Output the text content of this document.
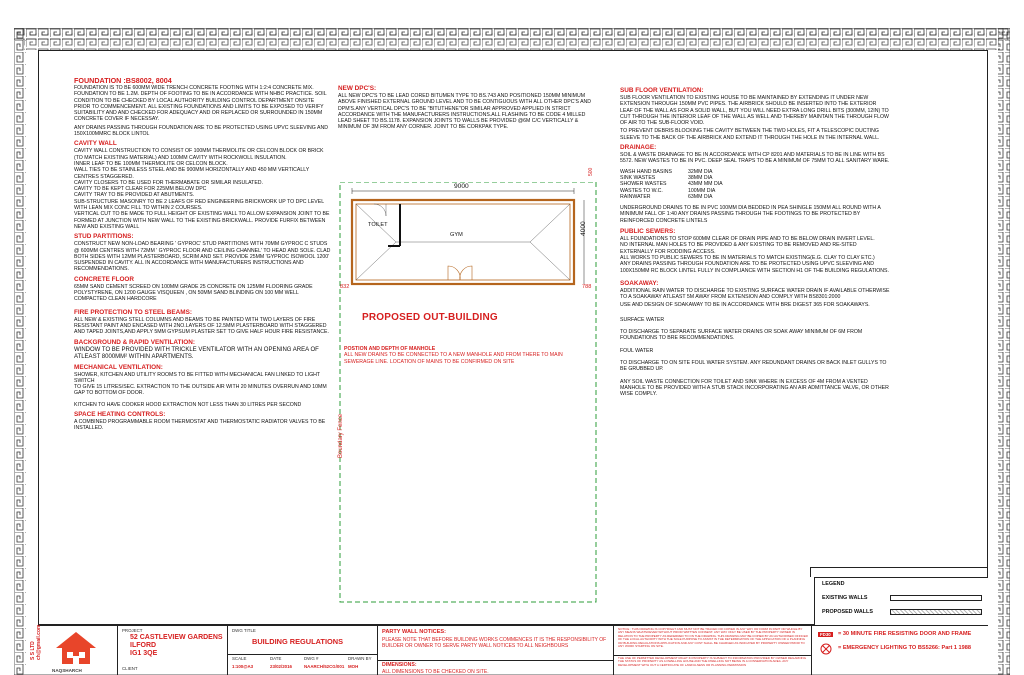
FOUNDATION :BS8002, 8004

FOUNDATION IS TO BE 600MM WIDE TRENCH CONCRETE FOOTING WITH 1:2:4 CONCRETE MIX. FOUNDATION TO BE 1.2M. DEPTH OF FOOTING TO BE IN ACCORDANCE WITH NHBC PRACTICE. SOIL CONDITION TO BE CHECKED BY LOCAL AUTHORITY BUILDING CONTROL DEPARTMENT ONSITE PRIOR TO COMMENCEMENT. ALL EXISTING FOUNDATIONS AND LIMITS TO BE EXPOSED TO VERIFY SUITABILITY AND AND CHECKED FOR ADEQUACY AND OR REPLACED OR SURROUNDED IN 150MM CONCRETE COVER IF NECESSAY.

ANY DRAINS PASSING THROUGH FOUNDATION ARE TO BE PROTECTED USING UPVC SLEEVING AND 150X100MMRC BLOCK LINTOL

CAVITY WALL

CAVITY WALL CONSTRUCTION TO CONSIST OF 100MM THERMOLITE OR CELCON BLOCK OR BRICK (TO MATCH EXISTING MATERIAL) AND 100MM CAVITY WITH ROCKWOLL INSULATION.

INNER LEAF TO BE 100MM THERMOLITE OR CELCON BLOCK.

WALL TIES TO BE STAINLESS STEEL AND BE 900MM HORIZONTALLY AND 450 MM VERTICALLY CENTRES STAGGERED.

CAVITY CLOSERS TO BE USED FOR THERMABATE OR SIMILAR INSULATED.

CAVITY TO BE KEPT CLEAR FOR 225MM BELOW DPC

CAVITY TRAY TO BE PROVIDED AT ABUTMENTS.

SUB-STRUCTURE MASONRY TO BE 2 LEAFS OF RED ENGINEERING BRICKWORK UP TO DPC LEVEL WITH LEAN MIX CONC FILL TO WITHIN 2 COURSES.

VERTICAL CUT TO BE MADE TO FULL HEIGHT OF EXISTING WALL TO ALLOW EXPANSION JOINT TO BE FORMED AT JUNCTION WITH NEW WALL TO THE EXISTING BRICKWALL. PROVIDE FURFIX BETWEEN NEW AND EXISTING WALL

STUD PARTITIONS:

CONSTRUCT NEW NON-LOAD BEARING ' GYPROC' STUD PARTITIONS WITH 70MM GYPROC C STUDS @ 600MM CENTRES WITH 72MM ' GYPROC FLOOR AND CEILING CHANNEL' TO HEAD AND SOLE. CLAD BOTH SIDES WITH 12MM PLASTERBOARD, SCRIM AND SET. PROVIDE 25MM 'GYPROC ISOWOOL 1200' SUSPENDED IN CAVITY. ALL IN ACCORDANCE WITH MANUFACTURERS INSTRUCTIONS AND RECOMMENDATIONS.

CONCRETE FLOOR

65MM SAND CEMENT SCREED ON 100MM GRADE 25 CONCRETE ON 125MM FLOORING GRADE POLYSTYRENE, ON 1200 GAUGE VISQUEEN , ON 50MM SAND BLINDING ON 100 MM WELL COMPACTED CLEAN HARDCORE

FIRE PROTECTION TO STEEL BEAMS:

ALL NEW & EXISTING STELL COLUMNS AND BEAMS TO BE PAINTED WITH TWO LAYERS OF FIRE RESISTANT PAINT AND ENCASED WITH 2NO.LAYERS OF 12.5MM PLASTERBOARD WITH STAGGERED AND TAPED JOINTS,AND APPLY 5MM GYPSUM PLASTER SET TO GIVE HALF HOUR FIRE RESISTANCE.

BACKGROUND & RAPID VENTILATION:

WINDOW TO BE PROVIDED WITH TRICKLE VENTILATOR WITH AN OPENING AREA OF ATLEAST 8000MM² WITHIN APARTMENTS.

MECHANICAL VENTILATION:

SHOWER, KITCHEN AND UTILITY ROOMS TO BE FITTED WITH MECHANICAL FAN LINKED TO LIGHT SWITCH

TO GIVE 15 LITRES/SEC. EXTRACTION TO THE OUTSIDE AIR WITH 20 MINUTES OVERRUN AND 10MM GAP TO BOTTOM OF DOOR.

KITCHEN TO HAVE COOKER HOOD EXTRACTION NOT LESS THAN 30 LITRES PER SECOND

SPACE HEATING CONTROLS:

A COMBINED PROGRAMMABLE ROOM THERMOSTAT AND THERMOSTATIC RADIATOR VALVES TO BE INSTALLED.

NEW DPC'S:

ALL NEW DPC'S TO BE LEAD CORED BITUMEN TYPE TO BS.743 AND POSITIONED 150MM MINIMUM ABOVE FINISHED EXTERNAL GROUND LEVEL AND TO BE CONTIGUOUS WITH ALL OTHER DPC'S AND DPM'S.ANY VERTICAL DPC'S TO BE "BITUTHENE"OR SIMILAR APPROVED APPLIED IN STRICT ACCORDANCE WITH THE MANUFACTURERS INSTRUCTIONS.ALL FLASHING TO BE CODE 4 MILLED LEAD SHEET TO BS.1178. EXPANSION JOINTS TO WALLS BE PROVIDED @6M C/C VERTICALLY & MINIMUM OF 3M FROM ANY CORNER. JOINT TO BE CORKPAK TYPE.

9000
4000
500
832	788
TOILET
GYM
PROPOSED OUT-BUILDING
POSTION AND DEPTH OF MANHOLE
ALL NEW DRAINS TO BE CONNECTED TO A NEW MANHOLE AND FROM THERE TO MAIN SEWERAGE LINE. LOCATION OF MAINS TO BE CONFIRMED ON SITE
Boundary Fence
SUB FLOOR VENTILATION:

SUB FLOOR VENTILATION TO EXISTING HOUSE TO BE MAINTAINED BY EXTENDING IT UNDER NEW EXTENSION THROUGH 150MM PVC PIPES. THE AIRBRICK SHOULD BE INSERTED INTO THE EXTERIOR LEAF OF THE WALL AS FOR A SOLID WALL, BUT YOU WILL NEED EXTRA LONG DRILL BITS (300MM, 12IN) TO CUT THROUGH THE INTERIOR LEAF OF THE WALL AS WELL AND THEREBY MAINTAIN THE THROUGH FLOW OF AIR TO THE SUB-FLOOR VOID.

TO PREVENT DEBRIS BLOCKING THE CAVITY BETWEEN THE TWO HOLES, FIT A TELESCOPIC DUCTING SLEEVE TO THE BACK OF THE AIRBRICK AND EXTEND IT THROUGH THE HOLE IN THE INTERNAL WALL.

DRAINAGE:

SOIL & WASTE DRAINAGE TO BE IN ACCORDANCE WITH CP 8201 AND MATERIALS TO BE IN LINE WITH BS 5572. NEW WASTES TO BE IN PVC. DEEP SEAL TRAPS TO BE A MINIMUM OF 75MM TO ALL SANITARY WARE.

WASH HAND BASINS	32MM DIA
SINK WASTES	38MM DIA
SHOWER WASTES	43MM MM DIA
WASTES TO W.C.	100MM DIA
RAINWATER	63MM DIA

UNDERGROUND DRAINS TO BE IN PVC 100MM DIA BEDDED IN PEA SHINGLE 150MM ALL ROUND WITH A MINIMUM FALL OF 1:40 ANY DRAINS PASSING THROUGH THE FOOTINGS TO BE PROTECTED BY REINFORCED CONCRETE LINTELS

PUBLIC SEWERS:

ALL FOUNDATIONS TO STOP 600MM CLEAR OF DRAIN PIPE AND TO BE BELOW DRAIN INVERT LEVEL.

NO INTERNAL MAN HOLES TO BE PROVIDED & ANY EXISTING TO BE REMOVED AND RE-SITED EXTERNALLY FOR RODDING ACCESS.

ALL WORKS TO PUBLIC SEWERS TO BE IN MATERIALS TO MATCH EXISTING(E.G. CLAY TO CLAY ETC.)

ANY DRAINS PASSING THROUGH FOUNDATION ARE TO BE PROTECTED USING UPVC SLEEVING AND 100X150MM RC BLOCK LINTEL FULLY IN COMPLIANCE WITH SECTION H1 OF THE BUILDING REGULATIONS.

SOAKAWAY:

ADDITIONAL RAIN WATER TO DISCHARGE TO EXISTING SURFACE WATER DRAIN IF AVAILABLE OTHERWISE TO A SOAKAWAY ATLEAST 5M AWAY FROM EXTENSION AND COMPLY WITH BS8301:2000

USE AND DESIGN OF SOAKAWAY TO BE IN ACCORDANCE WITH BRE DIGEST 365 FOR SOAKAWAYS.

SURFACE WATER

TO DISCHARGE TO SEPARATE SURFACE WATER DRAINS OR SOAK AWAY MINIMUM OF 6M FROM FOUNDATIONS TO BRE RECOMMENDATIONS.

FOUL WATER

TO DISCHARGE TO ON SITE FOUL WATER SYSTEM. ANY REDUNDANT DRAINS OR BACK INLET GULLYS TO BE GRUBBED UP.

ANY SOIL WASTE CONNECTION FOR TOILET AND SINK WHERE IN EXCESS OF 4M FROM A VENTED MANHOLE TO BE PROVIDED WITH A STUB STACK INCORPORATING AN AIR ADMITTANCE VALVE, OR OTHER WISE COMPLY.

LEGEND
EXISTING WALLS
PROPOSED WALLS
S S LTD ch@gmail.com
NAQSHARCH
PROJECT
52 CASTLEVIEW GARDENS
ILFORD
IG1 3QE
CLIENT
DWG TITLE
BUILDING REGULATIONS
SCALE	DATE	DWG #	DRAWN BY
1:100@A3	23/02/2016	NAARCH/52CG/001 MOH
PARTY WALL NOTICES:
PLEASE NOTE THAT BEFORE BUILDING WORKS COMMENCES IT IS THE RESPONSIBILITY OF BUILDER OR OWNER TO SERVE PARTY WALL NOTICES TO ALL NEIGHBOURS
DIMENSIONS:
ALL DIMENSIONS TO BE CHECKED ON SITE.
NOTICE : THIS DRAWING IS COPYRIGHT AND MUST NOT BE TRACED OR COPIED IN ANY WAY OR FORM IN PART OR WHOLE BY ANY MEANS WHATSOEVER WITHOUT PRIOR WRITTEN CONSENT. ANY WAY ONLY BE USED BY THE PROPERTY OWNER IN RELATION TO THE PROPERTY AS REFERRED TO ON THE DRAWING. THIS DRAWING MAY BE COPIED BY AN AUTHORISED OFFICER OF THE LOCAL AUTHORITY WITH THE SOLE PURPOSE TO ASSIST IN THE DETERMINATION OF THE APPLICATION OF A PLANNING OR BUILDING REGULATIONS APPLICATION AND ANY COST SHALL BE CHARGED AS INDICATED BY PROPERTY OWNER PRIOR TO ANY WORK STARTING ON SITE.
THE USE OF PERMITTED DEVELOPMENT RIGHT IN PROPERTY IS SUBJECT TO INFORMATION PROVIDED BY OWNER REGARDING THE STATUS OF PROPERTY AS A DWELLING HOUSE AND THE DWELLING NOT BEING IN A CONSERVATION AREA. ANY DEVELOPMENT WITH OUT A CERTIFICATE OF LAWFULNESS OR PLANNING PERMISSION
FD30	= 30 MINUTE FIRE RESISTING DOOR AND FRAME
= EMERGENCY LIGHTING TO BS5266: Part 1 1988
